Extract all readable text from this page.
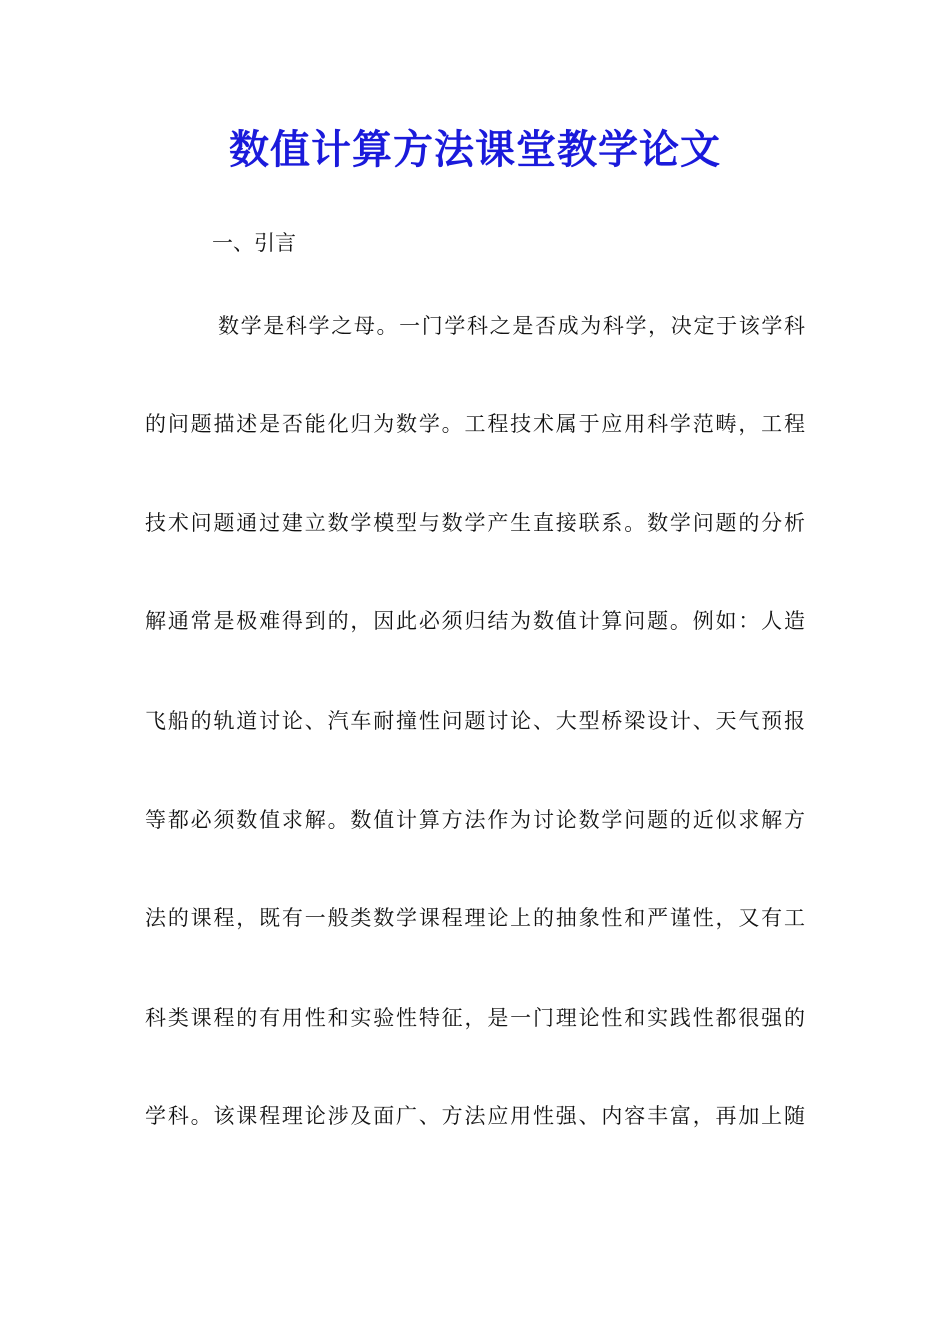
数值计算方法课堂教学论文
一、引言
数学是科学之母。一门学科之是否成为科学，决定于该学科
的问题描述是否能化归为数学。工程技术属于应用科学范畴，工程
技术问题通过建立数学模型与数学产生直接联系。数学问题的分析
解通常是极难得到的，因此必须归结为数值计算问题。例如：人造
飞船的轨道讨论、汽车耐撞性问题讨论、大型桥梁设计、天气预报
等都必须数值求解。数值计算方法作为讨论数学问题的近似求解方
法的课程，既有一般类数学课程理论上的抽象性和严谨性，又有工
科类课程的有用性和实验性特征，是一门理论性和实践性都很强的
学科。该课程理论涉及面广、方法应用性强、内容丰富，再加上随
